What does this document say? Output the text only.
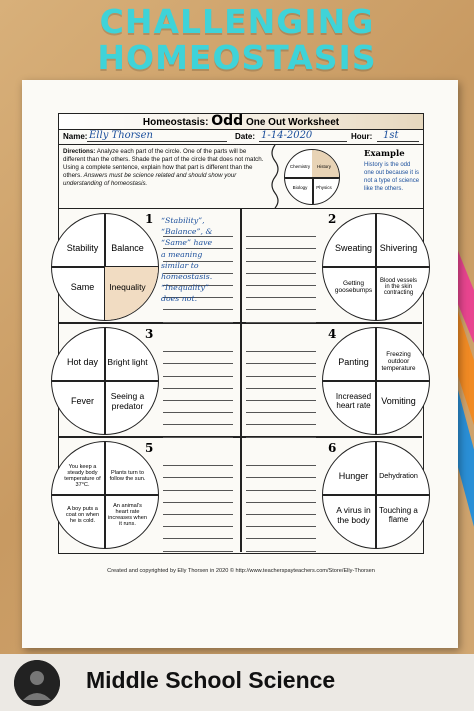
CHALLENGING
HOMEOSTASIS
Homeostasis: Odd One Out Worksheet
Name: Elly Thorsen	Date: 1-14-2020	Hour: 1st
Directions: Analyze each part of the circle. One of the parts will be different than the others. Shade the part of the circle that does not match. Using a complete sentence, explain how that part is different than the others. Answers must be science related and should show your understanding of homeostasis.
Chemistry	History
Biology	Physics
Example
History is the odd one out because it is not a type of science like the others.
1
Stability	Balance
Same	Inequality
“Stability”,
“Balance”, &
“Same” have
a meaning
similar to
homeostasis.
“Inequality”
does not.
2
Sweating Shivering
Getting goosebumps
Blood vessels in the skin contracting
3
Hot day	Bright light
Fever	Seeing a predator
4
Panting
Freezing outdoor temperature
Increased heart rate	Vomiting
5
You keep a steady body temperature of 37°C.
Plants turn to follow the sun.
A boy puts a coat on when he is cold.
An animal’s heart rate increases when it runs.
6
Hunger	Dehydration
A virus in the body
Touching a flame
Created and copyrighted by Elly Thorsen in 2020 © http://www.teacherspayteachers.com/Store/Elly-Thorsen
Middle School Science
